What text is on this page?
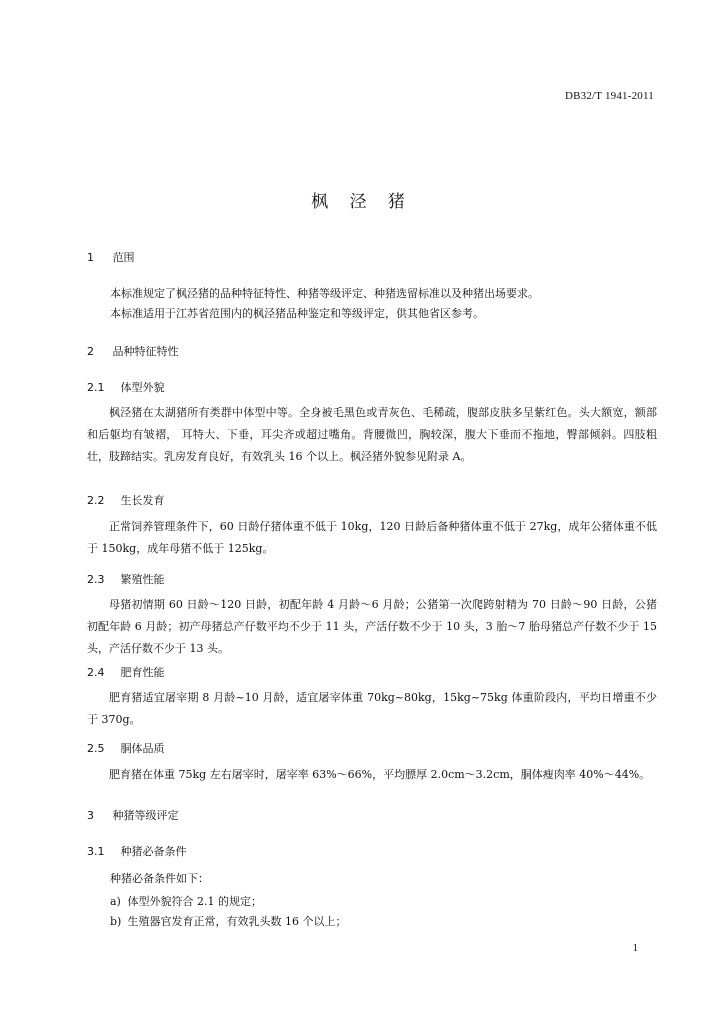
DB32/T 1941-2011
枫 泾 猪
1 范围
本标准规定了枫泾猪的品种特征特性、种猪等级评定、种猪选留标准以及种猪出场要求。
本标准适用于江苏省范围内的枫泾猪品种鉴定和等级评定，供其他省区参考。
2 品种特征特性
2.1 体型外貌
枫泾猪在太湖猪所有类群中体型中等。全身被毛黑色或青灰色、毛稀疏，腹部皮肤多呈紫红色。头大额宽，额部和后躯均有皱褶， 耳特大、下垂，耳尖齐或超过嘴角。背腰微凹，胸较深，腹大下垂而不拖地，臀部倾斜。四肢粗壮，肢蹄结实。乳房发育良好，有效乳头 16 个以上。枫泾猪外貌参见附录 A。
2.2 生长发育
正常饲养管理条件下，60 日龄仔猪体重不低于 10kg，120 日龄后备种猪体重不低于 27kg，成年公猪体重不低于 150kg，成年母猪不低于 125kg。
2.3 繁殖性能
母猪初情期 60 日龄～120 日龄，初配年龄 4 月龄～6 月龄；公猪第一次爬跨射精为 70 日龄～90 日龄，公猪初配年龄 6 月龄；初产母猪总产仔数平均不少于 11 头，产活仔数不少于 10 头，3 胎～7 胎母猪总产仔数不少于 15 头，产活仔数不少于 13 头。
2.4 肥育性能
肥育猪适宜屠宰期 8 月龄~10 月龄，适宜屠宰体重 70kg~80kg，15kg~75kg 体重阶段内，平均日增重不少于 370g。
2.5 胴体品质
肥育猪在体重 75kg 左右屠宰时，屠宰率 63%～66%，平均膘厚 2.0cm～3.2cm，胴体瘦肉率 40%～44%。
3 种猪等级评定
3.1 种猪必备条件
种猪必备条件如下：
a) 体型外貌符合 2.1 的规定；
b) 生殖器官发育正常，有效乳头数 16 个以上；
1
